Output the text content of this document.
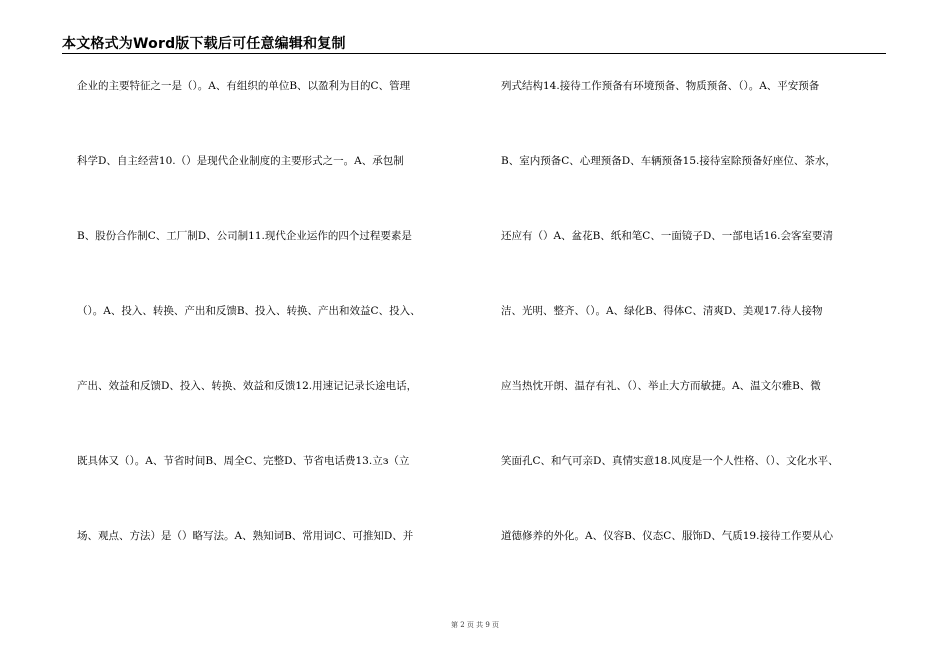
本文格式为Word版下载后可任意编辑和复制
企业的主要特征之一是（）。A、有组织的单位B、以盈利为目的C、管理
科学D、自主经营10.（）是现代企业制度的主要形式之一。A、承包制
B、股份合作制C、工厂制D、公司制11.现代企业运作的四个过程要素是
（）。A、投入、转换、产出和反馈B、投入、转换、产出和效益C、投入、
产出、效益和反馈D、投入、转换、效益和反馈12.用速记记录长途电话，
既具体又（）。A、节省时间B、周全C、完整D、节省电话费13.立з（立
场、观点、方法）是（）略写法。A、熟知词B、常用词C、可推知D、并
列式结构14.接待工作预备有环境预备、物质预备、（）。A、平安预备
B、室内预备C、心理预备D、车辆预备15.接待室除预备好座位、茶水，
还应有（）A、盆花B、纸和笔C、一面镜子D、一部电话16.会客室要清
洁、光明、整齐、（）。A、绿化B、得体C、清爽D、美观17.待人接物
应当热忱开朗、温存有礼、（）、举止大方而敏捷。A、温文尔雅B、微
笑面孔C、和气可亲D、真情实意18.风度是一个人性格、（）、文化水平、
道德修养的外化。A、仪容B、仪态C、服饰D、气质19.接待工作要从心
第 2 页 共 9 页
